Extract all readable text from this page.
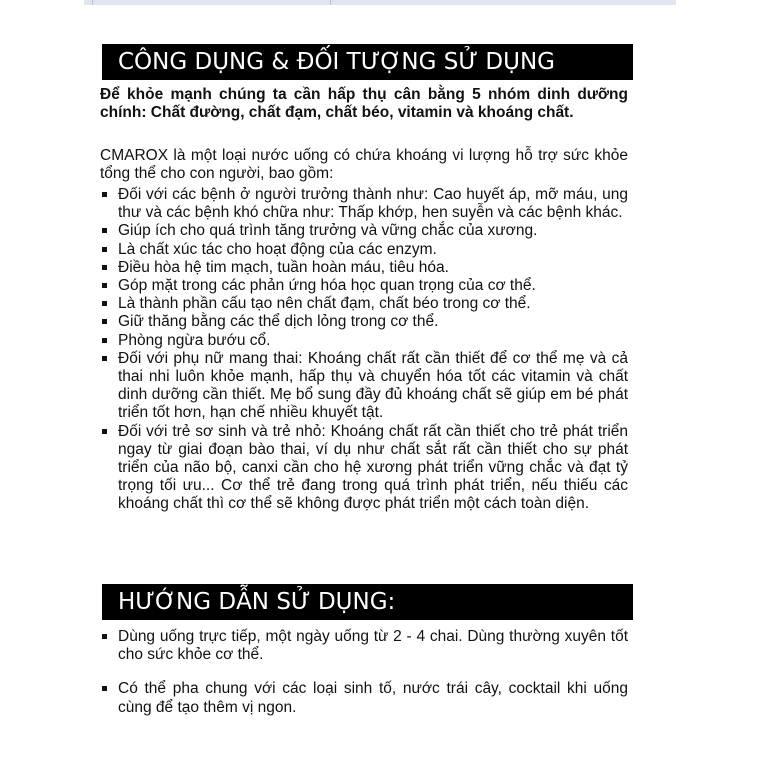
CÔNG DỤNG & ĐỐI TƯỢNG SỬ DỤNG
Để khỏe mạnh chúng ta cần hấp thụ cân bằng 5 nhóm dinh dưỡng chính: Chất đường, chất đạm, chất béo, vitamin và khoáng chất.
CMAROX là một loại nước uống có chứa khoáng vi lượng hỗ trợ sức khỏe tổng thể cho con người, bao gồm:
Đối với các bệnh ở người trưởng thành như: Cao huyết áp, mỡ máu, ung thư và các bệnh khó chữa như: Thấp khớp, hen suyễn và các bệnh khác.
Giúp ích cho quá trình tăng trưởng và vững chắc của xương.
Là chất xúc tác cho hoạt động của các enzym.
Điều hòa hệ tim mạch, tuần hoàn máu, tiêu hóa.
Góp mặt trong các phản ứng hóa học quan trọng của cơ thể.
Là thành phần cấu tạo nên chất đạm, chất béo trong cơ thể.
Giữ thăng bằng các thể dịch lỏng trong cơ thể.
Phòng ngừa bướu cổ.
Đối với phụ nữ mang thai: Khoáng chất rất cần thiết để cơ thể mẹ và cả thai nhi luôn khỏe mạnh, hấp thụ và chuyển hóa tốt các vitamin và chất dinh dưỡng cần thiết. Mẹ bổ sung đầy đủ khoáng chất sẽ giúp em bé phát triển tốt hơn, hạn chế nhiều khuyết tật.
Đối với trẻ sơ sinh và trẻ nhỏ: Khoáng chất rất cần thiết cho trẻ phát triển ngay từ giai đoạn bào thai, ví dụ như chất sắt rất cần thiết cho sự phát triển của não bộ, canxi cần cho hệ xương phát triển vững chắc và đạt tỷ trọng tối ưu... Cơ thể trẻ đang trong quá trình phát triển, nếu thiếu các khoáng chất thì cơ thể sẽ không được phát triển một cách toàn diện.
HƯỚNG DẪN SỬ DỤNG:
Dùng uống trực tiếp, một ngày uống từ 2 - 4 chai. Dùng thường xuyên tốt cho sức khỏe cơ thể.
Có thể pha chung với các loại sinh tố, nước trái cây, cocktail khi uống cùng để tạo thêm vị ngon.
